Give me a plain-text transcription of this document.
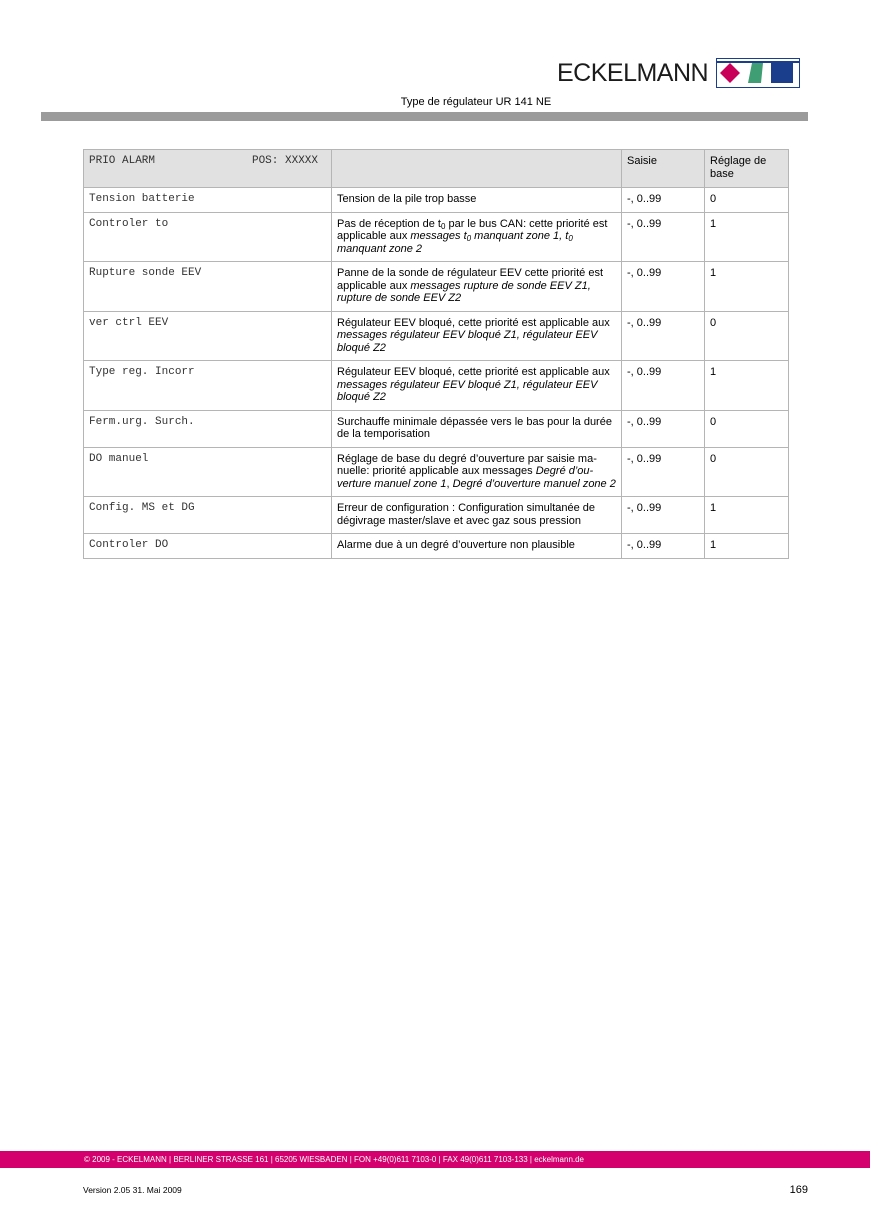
ECKELMANN
Type de régulateur UR 141 NE
PRIO ALARM POS: XXXXX		Saisie	Réglage de base
Tension batterie	Tension de la pile trop basse	-, 0..99	0
Controler to	Pas de réception de $t_0$ par le bus CAN: cette priorité est applicable aux messages $t_0$ manquant zone 1, $t_0$ manquant zone 2	-, 0..99	1
Rupture sonde EEV	Panne de la sonde de régulateur EEV cette priorité est applicable aux messages rupture de sonde EEV Z1, rupture de sonde EEV Z2	-, 0..99	1
ver ctrl EEV	Régulateur EEV bloqué, cette priorité est applicable aux messages régulateur EEV bloqué Z1, régulateur EEV bloqué Z2	-, 0..99	0
Type reg. Incorr	Régulateur EEV bloqué, cette priorité est applicable aux messages régulateur EEV bloqué Z1, régulateur EEV bloqué Z2	-, 0..99	1
Ferm.urg. Surch.	Surchauffe minimale dépassée vers le bas pour la durée de la temporisation	-, 0..99	0
DO manuel	Réglage de base du degré d’ouverture par saisie ma-nuelle: priorité applicable aux messages Degré d’ou-verture manuel zone 1, Degré d’ouverture manuel zone 2	-, 0..99	0
Config. MS et DG	Erreur de configuration : Configuration simultanée de dégivrage master/slave et avec gaz sous pression	-, 0..99	1
Controler DO	Alarme due à un degré d’ouverture non plausible	-, 0..99	1
© 2009 - ECKELMANN | BERLINER STRASSE 161 | 65205 WIESBADEN | FON +49(0)611 7103-0 | FAX 49(0)611 7103-133 | eckelmann.de
Version 2.05 31. Mai 2009	169
